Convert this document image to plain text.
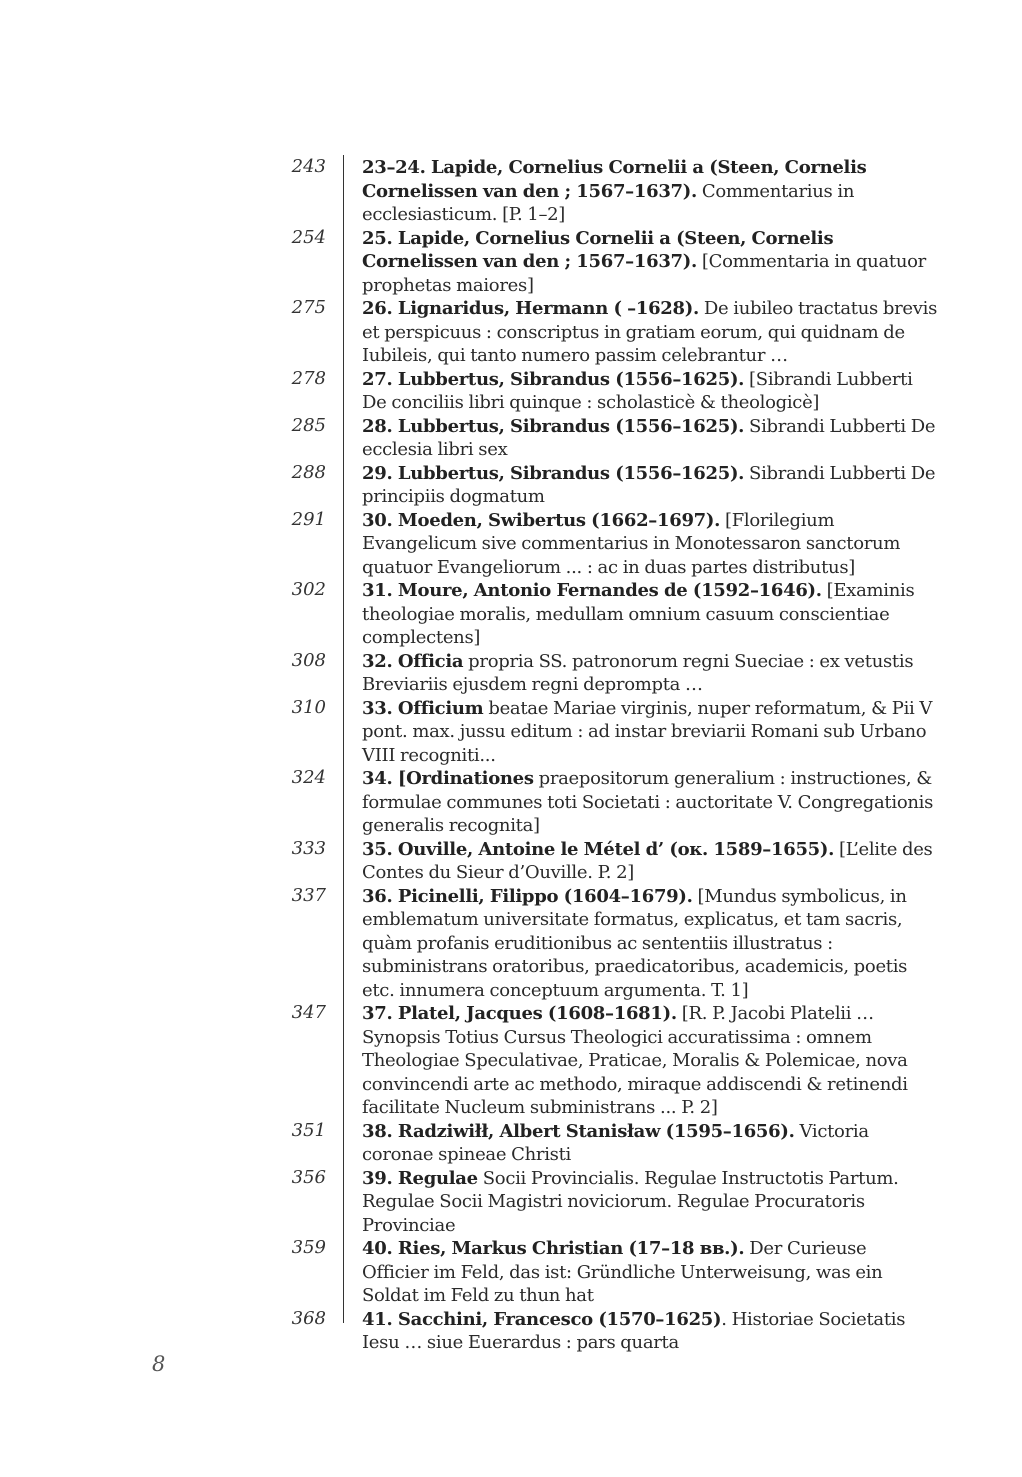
243 23–24. Lapide, Cornelius Cornelii a (Steen, Cornelis Cornelissen van den ; 1567–1637). Commentarius in ecclesiasticum. [P. 1–2]
254 25. Lapide, Cornelius Cornelii a (Steen, Cornelis Cornelissen van den ; 1567–1637). [Commentaria in quatuor prophetas maiores]
275 26. Lignaridus, Hermann ( –1628). De iubileo tractatus brevis et perspicuus : conscriptus in gratiam eorum, qui quidnam de Iubileis, qui tanto numero passim celebrantur …
278 27. Lubbertus, Sibrandus (1556–1625). [Sibrandi Lubberti De conciliis libri quinque : scholasticè & theologicè]
285 28. Lubbertus, Sibrandus (1556–1625). Sibrandi Lubberti De ecclesia libri sex
288 29. Lubbertus, Sibrandus (1556–1625). Sibrandi Lubberti De principiis dogmatum
291 30. Moeden, Swibertus (1662–1697). [Florilegium Evangelicum sive commentarius in Monotessaron sanctorum quatuor Evangeliorum ... : ac in duas partes distributus]
302 31. Moure, Antonio Fernandes de (1592–1646). [Examinis theologiae moralis, medullam omnium casuum conscientiae complectens]
308 32. Officia propria SS. patronorum regni Sueciae : ex vetustis Breviariis ejusdem regni deprompta …
310 33. Officium beatae Mariae virginis, nuper reformatum, & Pii V pont. max. jussu editum : ad instar breviarii Romani sub Urbano VIII recogniti...
324 34. [Ordinationes praepositorum generalium : instructiones, & formulae communes toti Societati : auctoritate V. Congregationis generalis recognita]
333 35. Ouville, Antoine le Métel d’ (ок. 1589–1655). [L’elite des Contes du Sieur d’Ouville. P. 2]
337 36. Picinelli, Filippo (1604–1679). [Mundus symbolicus, in emblematum universitate formatus, explicatus, et tam sacris, quàm profanis eruditionibus ac sententiis illustratus : subministrans oratoribus, praedicatoribus, academicis, poetis etc. innumera conceptuum argumenta. T. 1]
347 37. Platel, Jacques (1608–1681). [R. P. Jacobi Platelii … Synopsis Totius Cursus Theologici accuratissima : omnem Theologiae Speculativae, Praticae, Moralis & Polemicae, nova convincendi arte ac methodo, miraque addiscendi & retinendi facilitate Nucleum subministrans ... P. 2]
351 38. Radziwiłł, Albert Stanisław (1595–1656). Victoria coronae spineae Christi
356 39. Regulae Socii Provincialis. Regulae Instructotis Partum. Regulae Socii Magistri noviciorum. Regulae Procuratoris Provinciae
359 40. Ries, Markus Christian (17–18 вв.). Der Curieuse Officier im Feld, das ist: Gründliche Unterweisung, was ein Soldat im Feld zu thun hat
368 41. Sacchini, Francesco (1570–1625). Historiae Societatis Iesu … siue Euerardus : pars quarta
8
